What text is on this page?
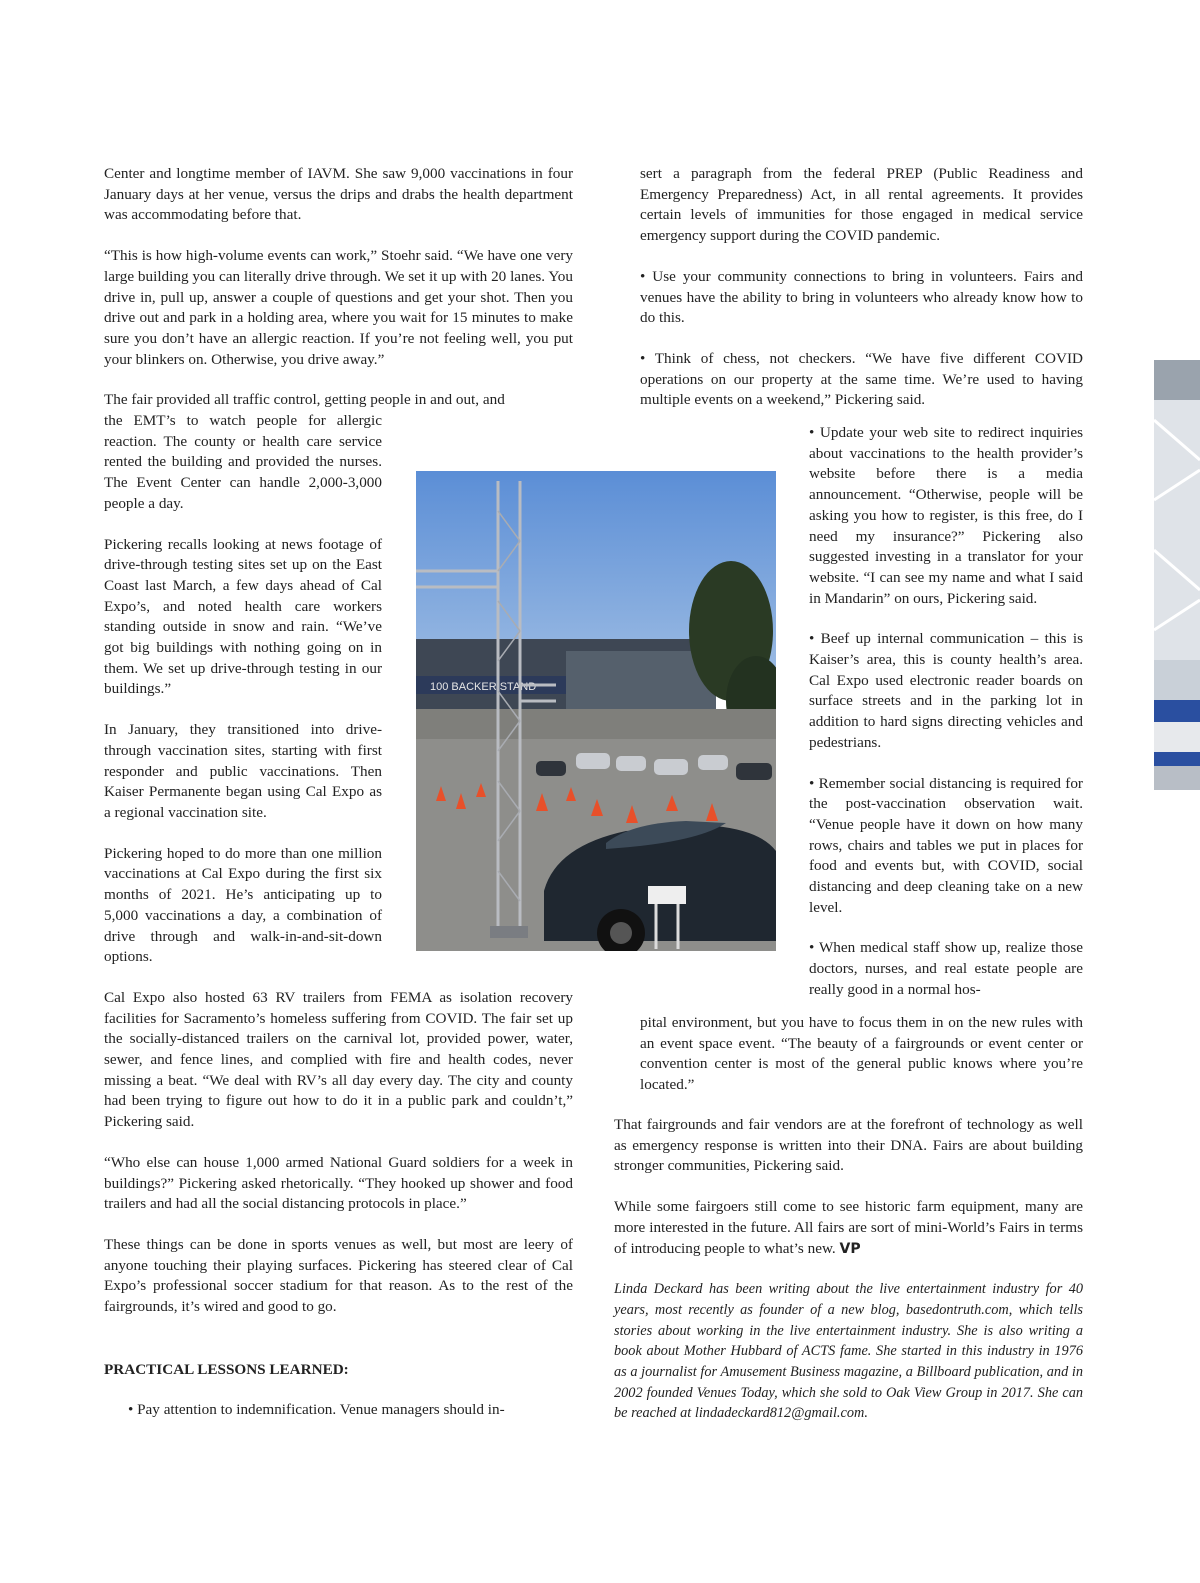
Center and longtime member of IAVM. She saw 9,000 vaccinations in four January days at her venue, versus the drips and drabs the health department was accommodating before that.

“This is how high-volume events can work,” Stoehr said. “We have one very large building you can literally drive through. We set it up with 20 lanes. You drive in, pull up, answer a couple of questions and get your shot. Then you drive out and park in a holding area, where you wait for 15 minutes to make sure you don’t have an allergic reaction. If you’re not feeling well, you put your blinkers on. Otherwise, you drive away.”

The fair provided all traffic control, getting people in and out, and

the EMT’s to watch people for allergic reaction. The county or health care service rented the building and provided the nurses. The Event Center can handle 2,000-3,000 people a day.

Pickering recalls looking at news footage of drive-through testing sites set up on the East Coast last March, a few days ahead of Cal Expo’s, and noted health care workers standing outside in snow and rain. “We’ve got big buildings with nothing going on in them. We set up drive-through testing in our buildings.”

In January, they transitioned into drive-through vaccination sites, starting with first responder and public vaccinations. Then Kaiser Permanente began using Cal Expo as a regional vaccination site.

Pickering hoped to do more than one million vaccinations at Cal Expo during the first six months of 2021. He’s anticipating up to 5,000 vaccinations a day, a combination of drive through and walk-in-and-sit-down options.

Cal Expo also hosted 63 RV trailers from FEMA as isolation recovery facilities for Sacramento’s homeless suffering from COVID. The fair set up the socially-distanced trailers on the carnival lot, provided power, water, sewer, and fence lines, and complied with fire and health codes, never missing a beat. “We deal with RV’s all day every day. The city and county had been trying to figure out how to do it in a public park and couldn’t,” Pickering said.

“Who else can house 1,000 armed National Guard soldiers for a week in buildings?” Pickering asked rhetorically. “They hooked up shower and food trailers and had all the social distancing protocols in place.”

These things can be done in sports venues as well, but most are leery of anyone touching their playing surfaces. Pickering has steered clear of Cal Expo’s professional soccer stadium for that reason. As to the rest of the fairgrounds, it’s wired and good to go.

PRACTICAL LESSONS LEARNED:

• Pay attention to indemnification. Venue managers should in-

sert a paragraph from the federal PREP (Public Readiness and Emergency Preparedness) Act, in all rental agreements. It provides certain levels of immunities for those engaged in medical service emergency support during the COVID pandemic.

• Use your community connections to bring in volunteers. Fairs and venues have the ability to bring in volunteers who already know how to do this.

• Think of chess, not checkers. “We have five different COVID operations on our property at the same time. We’re used to having multiple events on a weekend,” Pickering said.

• Update your web site to redirect inquiries about vaccinations to the health provider’s website before there is a media announcement. “Otherwise, people will be asking you how to register, is this free, do I need my insurance?” Pickering also suggested investing in a translator for your website. “I can see my name and what I said in Mandarin” on ours, Pickering said.

• Beef up internal communication – this is Kaiser’s area, this is county health’s area. Cal Expo used electronic reader boards on surface streets and in the parking lot in addition to hard signs directing vehicles and pedestrians.

• Remember social distancing is required for the post-vaccination observation wait. “Venue people have it down on how many rows, chairs and tables we put in places for food and events but, with COVID, social distancing and deep cleaning take on a new level.

• When medical staff show up, realize those doctors, nurses, and real estate people are really good in a normal hos-

pital environment, but you have to focus them in on the new rules with an event space event. “The beauty of a fairgrounds or event center or convention center is most of the general public knows where you’re located.”

That fairgrounds and fair vendors are at the forefront of technology as well as emergency response is written into their DNA. Fairs are about building stronger communities, Pickering said.

While some fairgoers still come to see historic farm equipment, many are more interested in the future. All fairs are sort of mini-World’s Fairs in terms of introducing people to what’s new. VP

Linda Deckard has been writing about the live entertainment industry for 40 years, most recently as founder of a new blog, basedontruth.com, which tells stories about working in the live entertainment industry. She is also writing a book about Mother Hubbard of ACTS fame. She started in this industry in 1976 as a journalist for Amusement Business magazine, a Billboard publication, and in 2002 founded Venues Today, which she sold to Oak View Group in 2017. She can be reached at lindadeckard812@gmail.com.

100 BACKER STAND
